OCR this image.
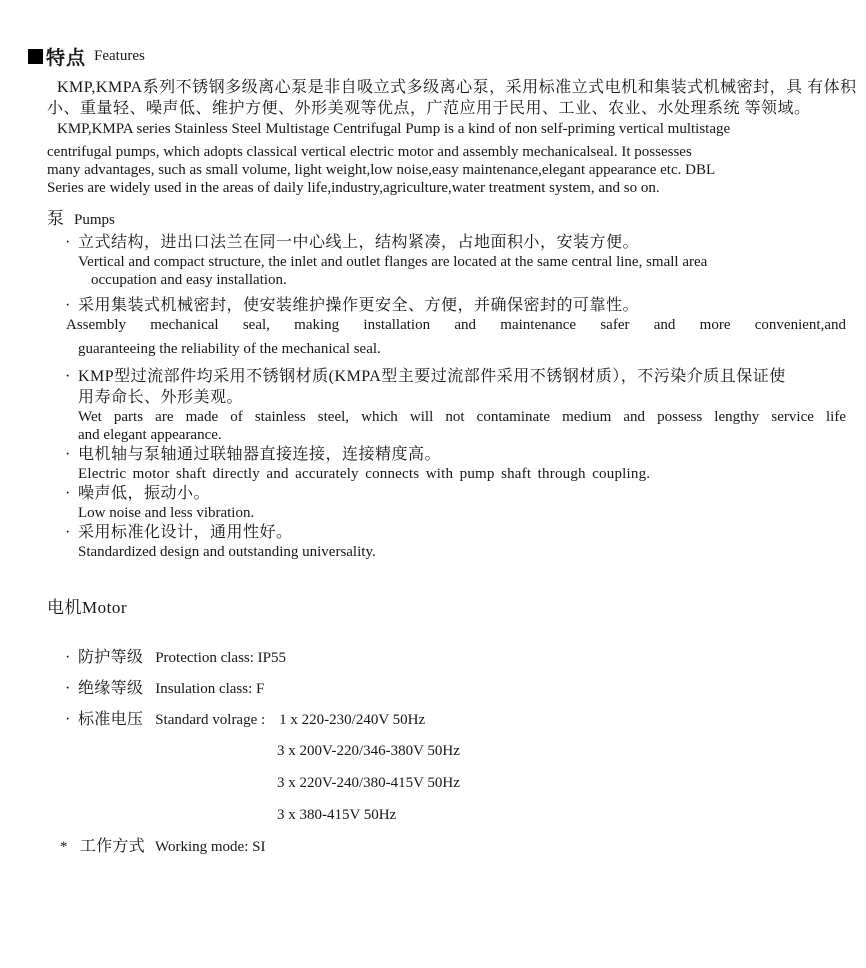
特点 Features
KMP,KMPA系列不锈钢多级离心泵是非自吸立式多级离心泵，采用标准立式电机和集装式机械密封，具 有体积
小、重量轻、噪声低、维护方便、外形美观等优点，广范应用于民用、工业、农业、水处理系统 等领域。
KMP,KMPA series Stainless Steel Multistage Centrifugal Pump is a kind of non self-priming vertical multistage
centrifugal pumps, which adopts classical vertical electric motor and assembly mechanicalseal. It possesses
many advantages, such as small volume, light weight,low noise,easy maintenance,elegant appearance etc. DBL
Series are widely used in the areas of daily life,industry,agriculture,water treatment system, and so on.
泵 Pumps
· 立式结构，进出口法兰在同一中心线上，结构紧凑，占地面积小，安装方便。
Vertical and compact structure, the inlet and outlet flanges are located at the same central line, small area
occupation and easy installation.
· 采用集装式机械密封，使安装维护操作更安全、方便，并确保密封的可靠性。
Assembly mechanical seal, making installation and maintenance safer and more convenient,and
guaranteeing the reliability of the mechanical seal.
· KMP型过流部件均采用不锈钢材质(KMPA型主要过流部件采用不锈钢材质），不污染介质且保证使
用寿命长、外形美观。
Wet parts are made of stainless steel, which will not contaminate medium and possess lengthy service life
and elegant appearance.
· 电机轴与泵轴通过联轴器直接连接，连接精度高。
Electric motor shaft directly and accurately connects with pump shaft through coupling.
· 噪声低，振动小。
Low noise and less vibration.
· 采用标准化设计，通用性好。
Standardized design and outstanding universality.
电机Motor
· 防护等级 Protection class: IP55
· 绝缘等级 Insulation class: F
· 标准电压 Standard volrage : 1 x 220-230/240V 50Hz
3 x 200V-220/346-380V 50Hz
3 x 220V-240/380-415V 50Hz
3 x 380-415V 50Hz
* 工作方式 Working mode: SI
